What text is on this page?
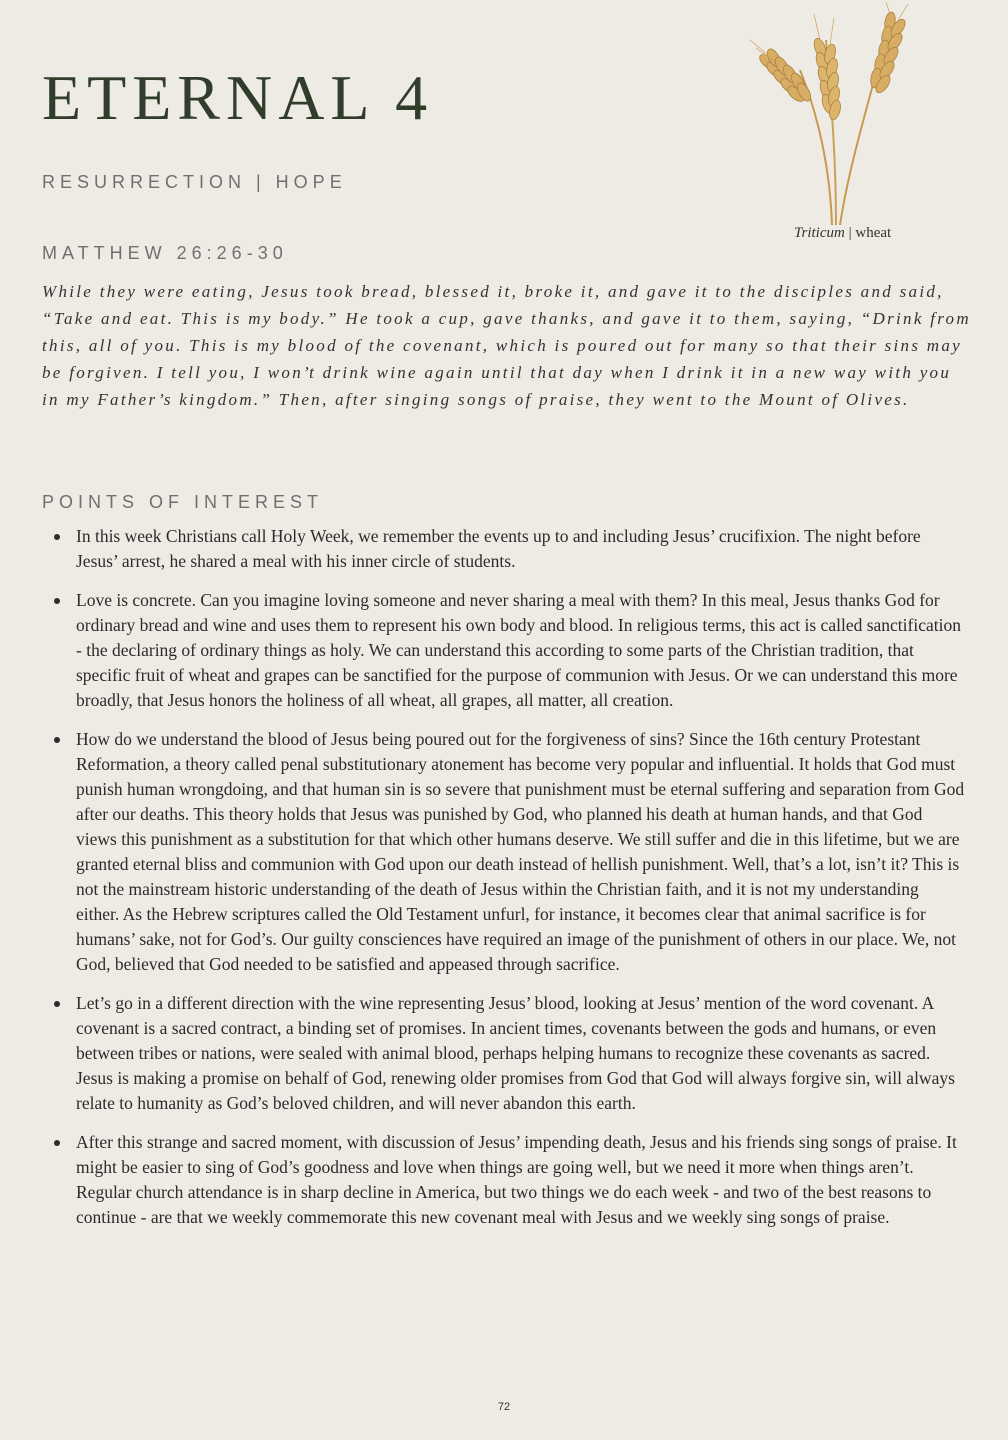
ETERNAL 4
RESURRECTION | HOPE
Triticum | wheat
MATTHEW 26:26-30

While they were eating, Jesus took bread, blessed it, broke it, and gave it to the disciples and said, “Take and eat. This is my body.” He took a cup, gave thanks, and gave it to them, saying, “Drink from this, all of you. This is my blood of the covenant, which is poured out for many so that their sins may be forgiven. I tell you, I won’t drink wine again until that day when I drink it in a new way with you in my Father’s kingdom.” Then, after singing songs of praise, they went to the Mount of Olives.

POINTS OF INTEREST
In this week Christians call Holy Week, we remember the events up to and including Jesus’ crucifixion. The night before Jesus’ arrest, he shared a meal with his inner circle of students.
Love is concrete. Can you imagine loving someone and never sharing a meal with them? In this meal, Jesus thanks God for ordinary bread and wine and uses them to represent his own body and blood. In religious terms, this act is called sanctification - the declaring of ordinary things as holy. We can understand this according to some parts of the Christian tradition, that specific fruit of wheat and grapes can be sanctified for the purpose of communion with Jesus. Or we can understand this more broadly, that Jesus honors the holiness of all wheat, all grapes, all matter, all creation.
How do we understand the blood of Jesus being poured out for the forgiveness of sins? Since the 16th century Protestant Reformation, a theory called penal substitutionary atonement has become very popular and influential. It holds that God must punish human wrongdoing, and that human sin is so severe that punishment must be eternal suffering and separation from God after our deaths. This theory holds that Jesus was punished by God, who planned his death at human hands, and that God views this punishment as a substitution for that which other humans deserve. We still suffer and die in this lifetime, but we are granted eternal bliss and communion with God upon our death instead of hellish punishment. Well, that’s a lot, isn’t it? This is not the mainstream historic understanding of the death of Jesus within the Christian faith, and it is not my understanding either. As the Hebrew scriptures called the Old Testament unfurl, for instance, it becomes clear that animal sacrifice is for humans’ sake, not for God’s. Our guilty consciences have required an image of the punishment of others in our place. We, not God, believed that God needed to be satisfied and appeased through sacrifice.
Let’s go in a different direction with the wine representing Jesus’ blood, looking at Jesus’ mention of the word covenant. A covenant is a sacred contract, a binding set of promises. In ancient times, covenants between the gods and humans, or even between tribes or nations, were sealed with animal blood, perhaps helping humans to recognize these covenants as sacred. Jesus is making a promise on behalf of God, renewing older promises from God that God will always forgive sin, will always relate to humanity as God’s beloved children, and will never abandon this earth.
After this strange and sacred moment, with discussion of Jesus’ impending death, Jesus and his friends sing songs of praise. It might be easier to sing of God’s goodness and love when things are going well, but we need it more when things aren’t. Regular church attendance is in sharp decline in America, but two things we do each week - and two of the best reasons to continue - are that we weekly commemorate this new covenant meal with Jesus and we weekly sing songs of praise.
72
